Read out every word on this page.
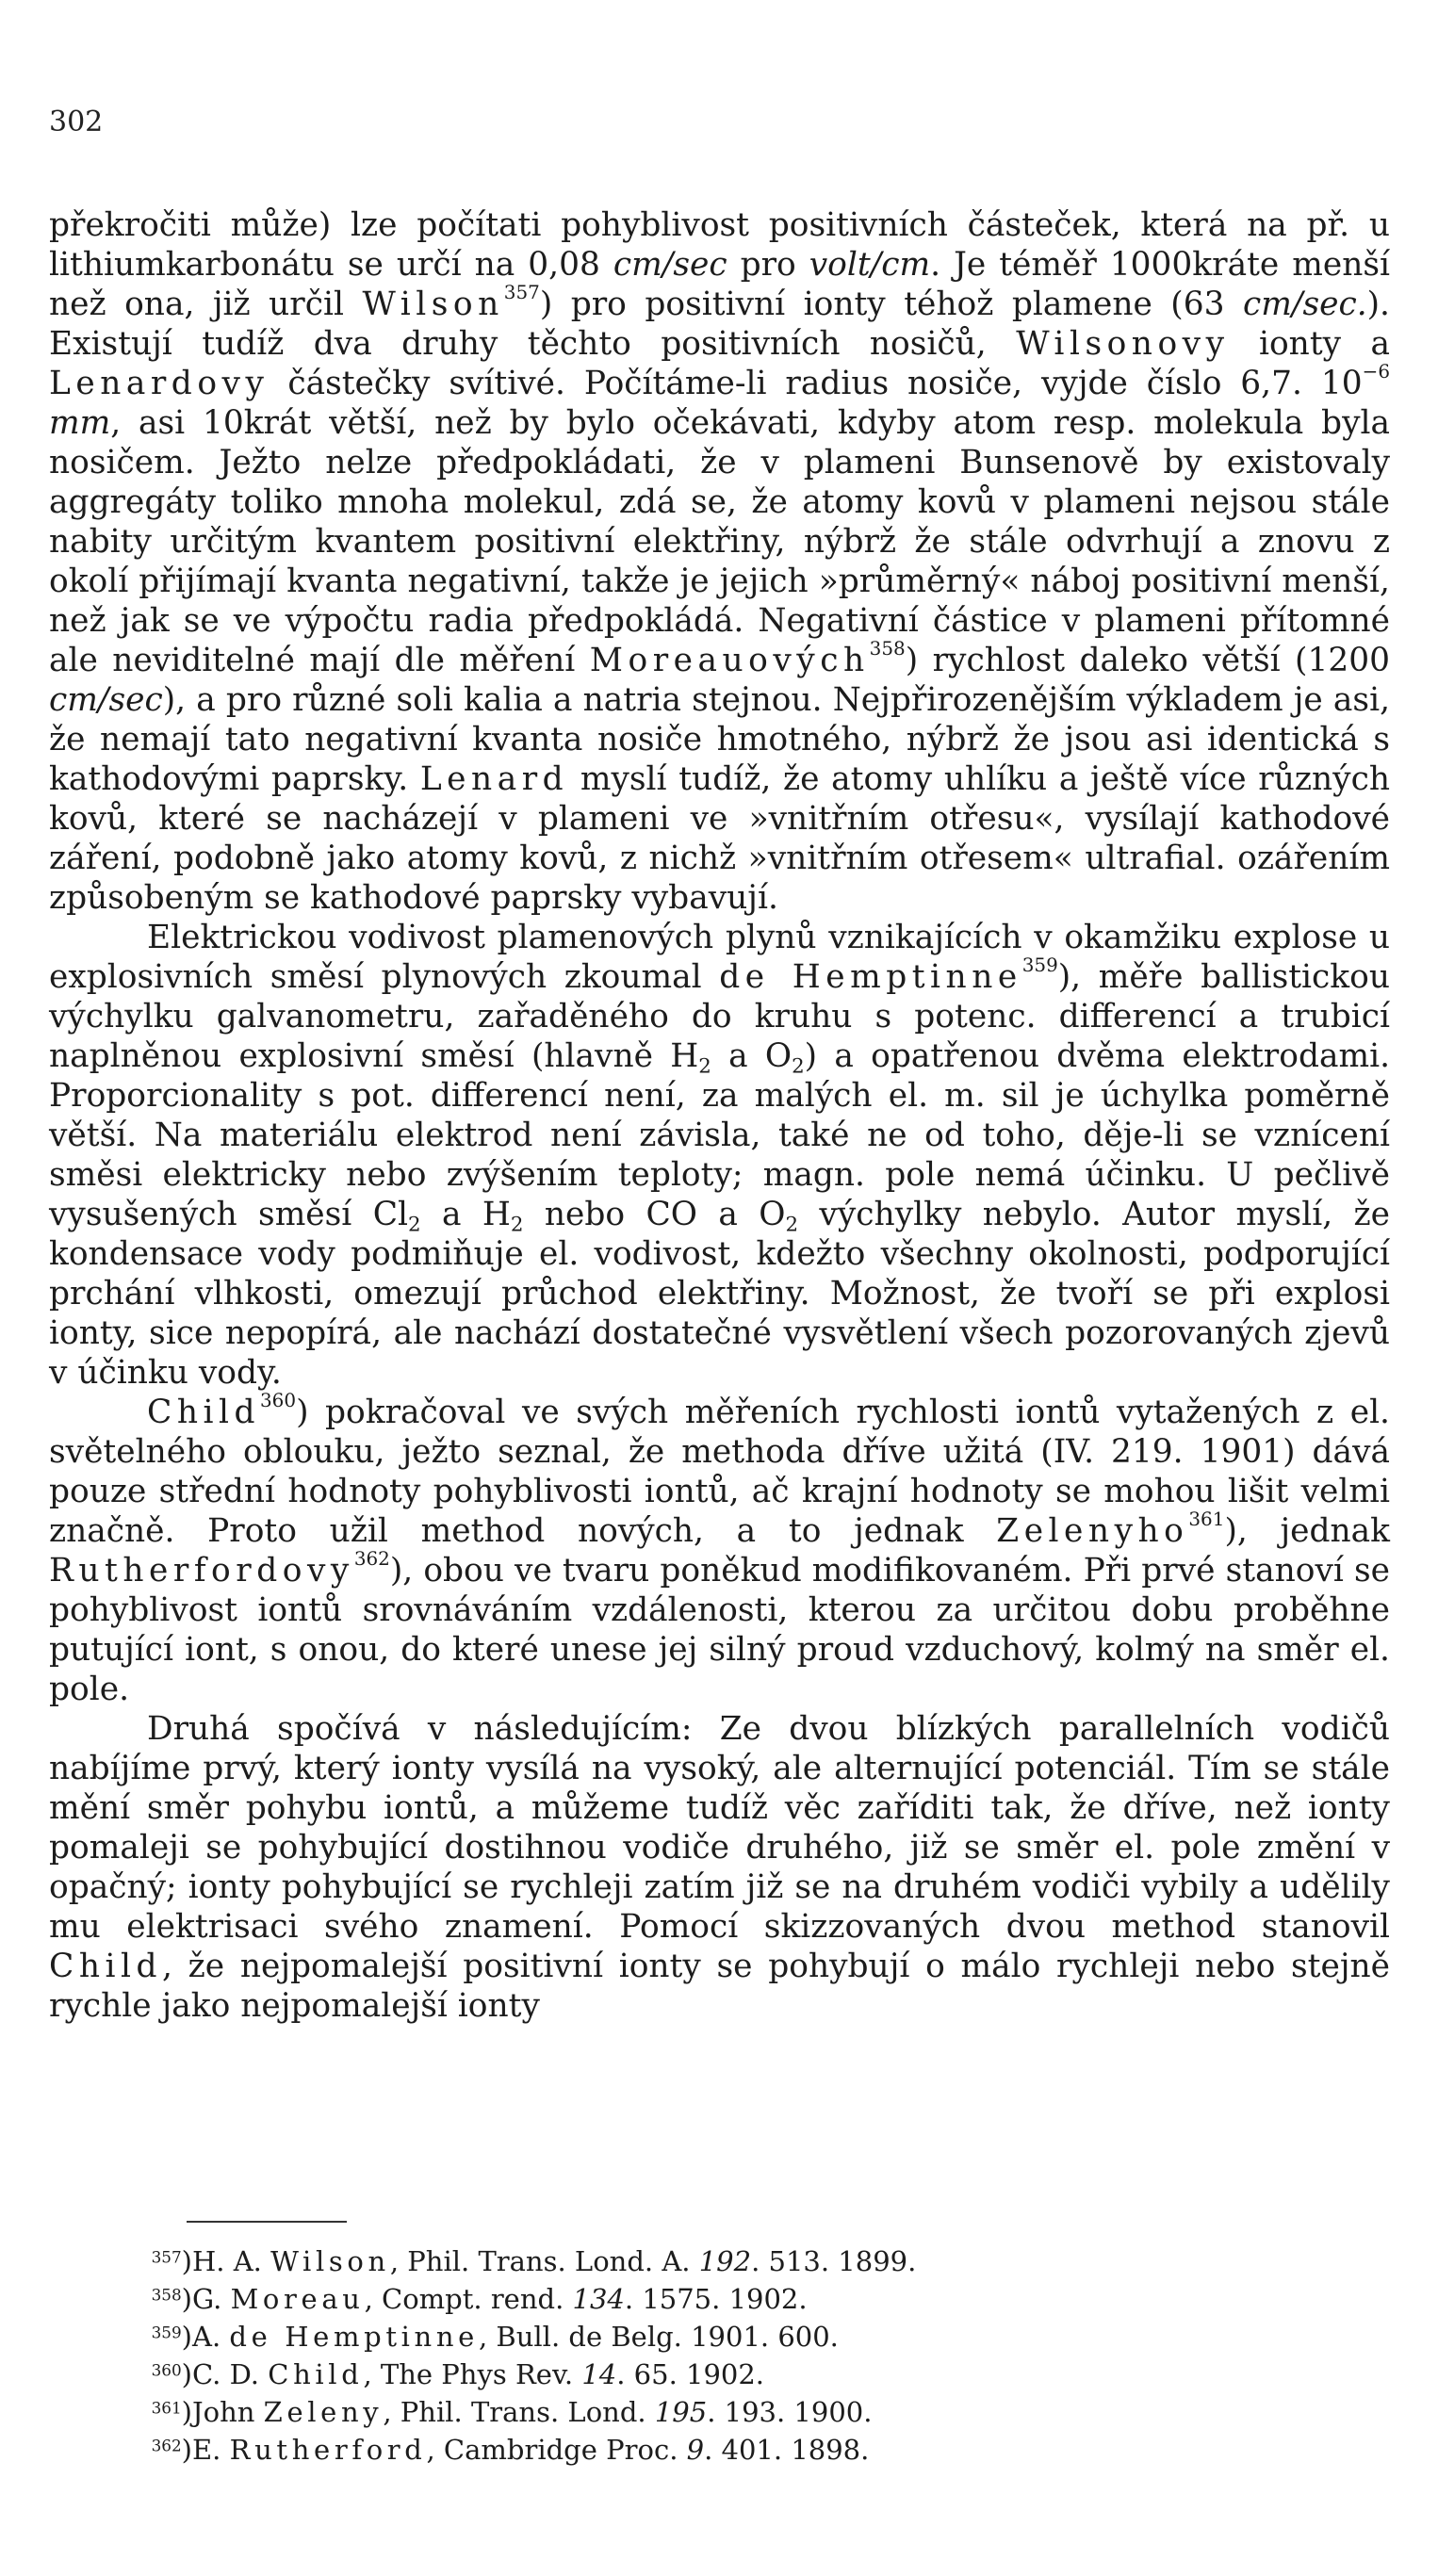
302

překročiti může) lze počítati pohyblivost positivních částeček, která na př. u lithiumkarbonátu se určí na 0,08 cm/sec pro volt/cm. Je téměř 1000kráte menší než ona, již určil Wilson$^{357}$) pro positivní ionty téhož plamene (63 cm/sec.). Existují tudíž dva druhy těchto positivních nosičů, Wilsonovy ionty a Lenardovy částečky svítivé. Počítáme-li radius nosiče, vyjde číslo 6,7. $10^{-6}$ mm, asi 10krát větší, než by bylo očekávati, kdyby atom resp. molekula byla nosičem. Ježto nelze předpokládati, že v plameni Bunsenově by existovaly aggregáty toliko mnoha molekul, zdá se, že atomy kovů v plameni nejsou stále nabity určitým kvantem positivní elektřiny, nýbrž že stále odvrhují a znovu z okolí přijímají kvanta negativní, takže je jejich »průměrný« náboj positivní menší, než jak se ve výpočtu radia předpokládá. Negativní částice v plameni přítomné ale neviditelné mají dle měření Moreauových$^{358}$) rychlost daleko větší (1200 cm/sec), a pro různé soli kalia a natria stejnou. Nejpřirozenějším výkladem je asi, že nemají tato negativní kvanta nosiče hmotného, nýbrž že jsou asi identická s kathodovými paprsky. Lenard myslí tudíž, že atomy uhlíku a ještě více různých kovů, které se nacházejí v plameni ve »vnitřním otřesu«, vysílají kathodové záření, podobně jako atomy kovů, z nichž »vnitřním otřesem« ultrafial. ozářením způsobeným se kathodové paprsky vybavují.

Elektrickou vodivost plamenových plynů vznikajících v okamžiku explose u explosivních směsí plynových zkoumal de Hemptinne$^{359}$), měře ballistickou výchylku galvanometru, zařaděného do kruhu s potenc. differencí a trubicí naplněnou explosivní směsí (hlavně $H_2$ a $O_2$) a opatřenou dvěma elektrodami. Proporcionality s pot. differencí není, za malých el. m. sil je úchylka poměrně větší. Na materiálu elektrod není závisla, také ne od toho, děje-li se vznícení směsi elektricky nebo zvýšením teploty; magn. pole nemá účinku. U pečlivě vysušených směsí $Cl_2$ a $H_2$ nebo CO a $O_2$ výchylky nebylo. Autor myslí, že kondensace vody podmiňuje el. vodivost, kdežto všechny okolnosti, podporující prchání vlhkosti, omezují průchod elektřiny. Možnost, že tvoří se při explosi ionty, sice nepopírá, ale nachází dostatečné vysvětlení všech pozorovaných zjevů v účinku vody.

Child$^{360}$) pokračoval ve svých měřeních rychlosti iontů vytažených z el. světelného oblouku, ježto seznal, že methoda dříve užitá (IV. 219. 1901) dává pouze střední hodnoty pohyblivosti iontů, ač krajní hodnoty se mohou lišit velmi značně. Proto užil method nových, a to jednak Zelenyho$^{361}$), jednak Rutherfordovy$^{362}$), obou ve tvaru poněkud modifikovaném. Při prvé stanoví se pohyblivost iontů srovnáváním vzdálenosti, kterou za určitou dobu proběhne putující iont, s onou, do které unese jej silný proud vzduchový, kolmý na směr el. pole.

Druhá spočívá v následujícím: Ze dvou blízkých parallelních vodičů nabíjíme prvý, který ionty vysílá na vysoký, ale alternující potenciál. Tím se stále mění směr pohybu iontů, a můžeme tudíž věc zaříditi tak, že dříve, než ionty pomaleji se pohybující dostihnou vodiče druhého, již se směr el. pole změní v opačný; ionty pohybující se rychleji zatím již se na druhém vodiči vybily a udělily mu elektrisaci svého znamení. Pomocí skizzovaných dvou method stanovil Child, že nejpomalejší positivní ionty se pohybují o málo rychleji nebo stejně rychle jako nejpomalejší ionty

$^{357}$)H. A. Wilson, Phil. Trans. Lond. A. 192. 513. 1899.
$^{358}$)G. Moreau, Compt. rend. 134. 1575. 1902.
$^{359}$)A. de Hemptinne, Bull. de Belg. 1901. 600.
$^{360}$)C. D. Child, The Phys Rev. 14. 65. 1902.
$^{361}$)John Zeleny, Phil. Trans. Lond. 195. 193. 1900.
$^{362}$)E. Rutherford, Cambridge Proc. 9. 401. 1898.
